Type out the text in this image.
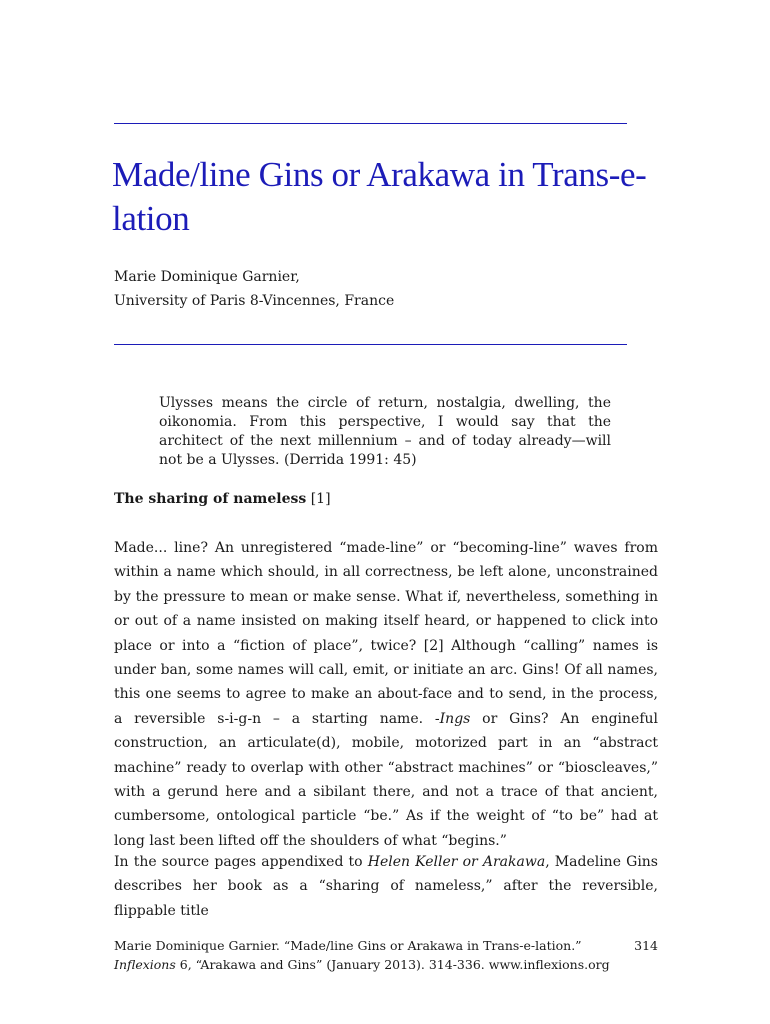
Made/line Gins or Arakawa in Trans-e-lation
Marie Dominique Garnier,
University of Paris 8-Vincennes, France
Ulysses means the circle of return, nostalgia, dwelling, the oikonomia. From this perspective, I would say that the architect of the next millennium – and of today already—will not be a Ulysses. (Derrida 1991: 45)
The sharing of nameless [1]

Made... line? An unregistered “made-line” or “becoming-line” waves from within a name which should, in all correctness, be left alone, unconstrained by the pressure to mean or make sense. What if, nevertheless, something in or out of a name insisted on making itself heard, or happened to click into place or into a “fiction of place”, twice? [2] Although “calling” names is under ban, some names will call, emit, or initiate an arc. Gins! Of all names, this one seems to agree to make an about-face and to send, in the process, a reversible s-i-g-n – a starting name. -Ings or Gins? An engineful construction, an articulate(d), mobile, motorized part in an “abstract machine” ready to overlap with other “abstract machines” or “bioscleaves,” with a gerund here and a sibilant there, and not a trace of that ancient, cumbersome, ontological particle “be.” As if the weight of “to be” had at long last been lifted off the shoulders of what “begins.”

In the source pages appendixed to Helen Keller or Arakawa, Madeline Gins describes her book as a “sharing of nameless,” after the reversible, flippable title

Marie Dominique Garnier. “Made/line Gins or Arakawa in Trans-e-lation.”
Inflexions 6, “Arakawa and Gins” (January 2013). 314-336. www.inflexions.org
314
